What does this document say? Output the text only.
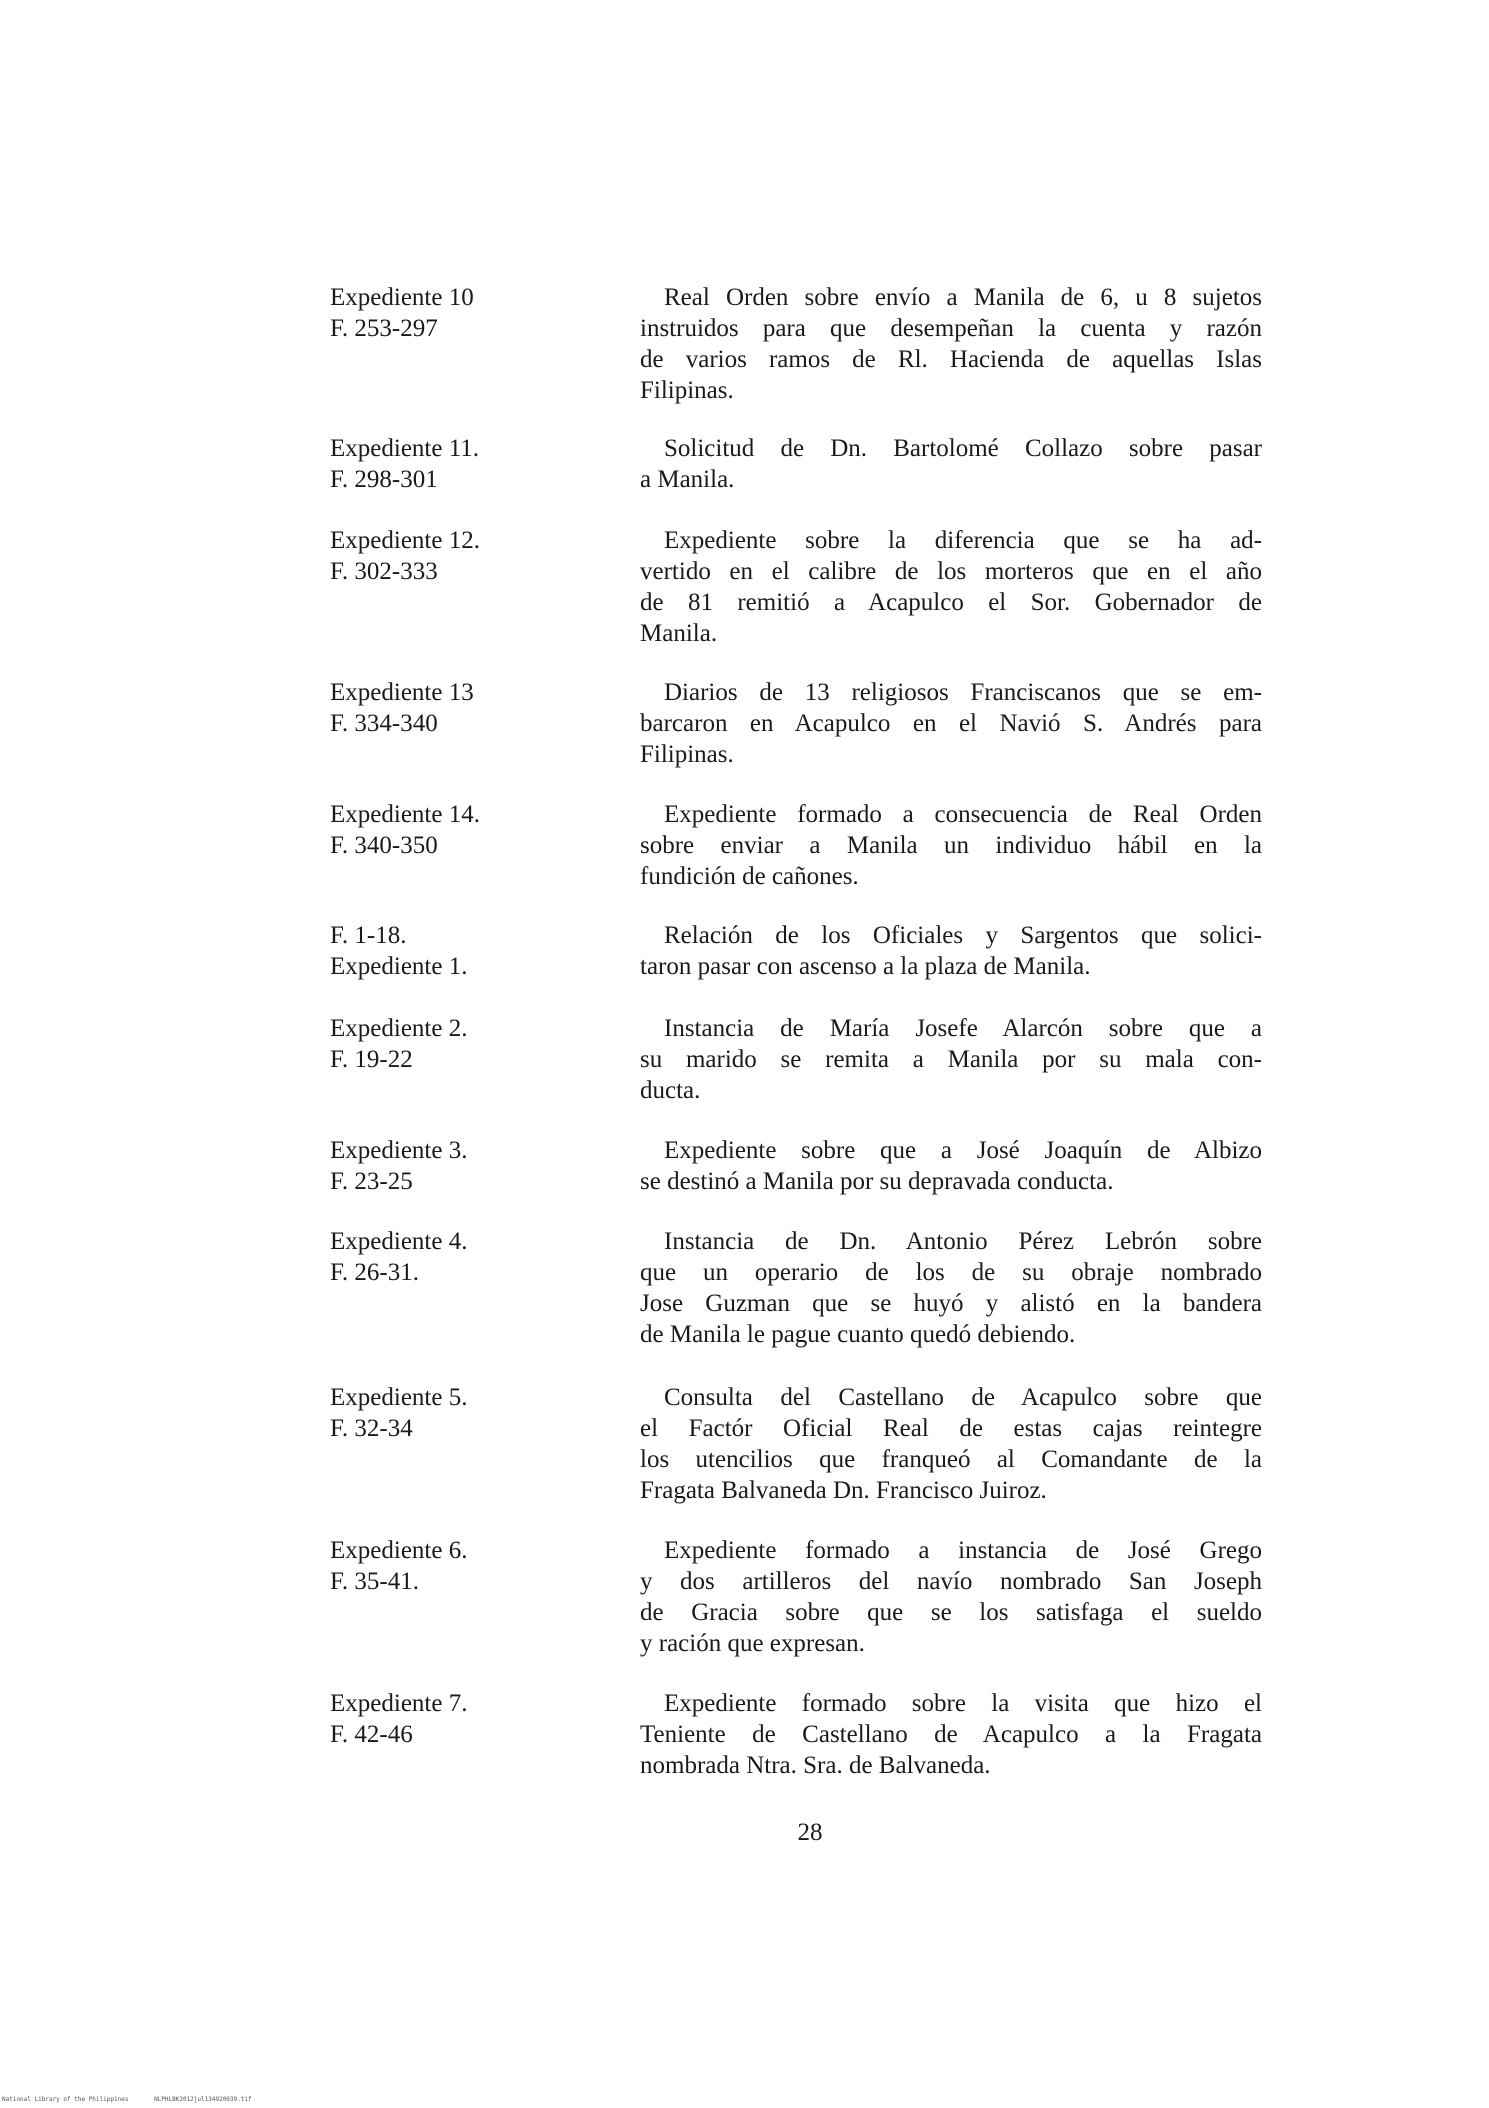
Expediente 10
F. 253-297
Real Orden sobre envío a Manila de 6, u 8 sujetos
instruidos para que desempeñan la cuenta y razón
de varios ramos de Rl. Hacienda de aquellas Islas
Filipinas.
Expediente 11.
F. 298-301
Solicitud de Dn. Bartolomé Collazo sobre pasar
a Manila.
Expediente 12.
F. 302-333
Expediente sobre la diferencia que se ha ad-
vertido en el calibre de los morteros que en el año
de 81 remitió a Acapulco el Sor. Gobernador de
Manila.
Expediente 13
F. 334-340
Diarios de 13 religiosos Franciscanos que se em-
barcaron en Acapulco en el Navió S. Andrés para
Filipinas.
Expediente 14.
F. 340-350
Expediente formado a consecuencia de Real Orden
sobre enviar a Manila un individuo hábil en la
fundición de cañones.
F. 1-18.
Expediente 1.
Relación de los Oficiales y Sargentos que solici-
taron pasar con ascenso a la plaza de Manila.
Expediente 2.
F. 19-22
Instancia de María Josefe Alarcón sobre que a
su marido se remita a Manila por su mala con-
ducta.
Expediente 3.
F. 23-25
Expediente sobre que a José Joaquín de Albizo
se destinó a Manila por su depravada conducta.
Expediente 4.
F. 26-31.
Instancia de Dn. Antonio Pérez Lebrón sobre
que un operario de los de su obraje nombrado
Jose Guzman que se huyó y alistó en la bandera
de Manila le pague cuanto quedó debiendo.
Expediente 5.
F. 32-34
Consulta del Castellano de Acapulco sobre que
el Factór Oficial Real de estas cajas reintegre
los utencilios que franqueó al Comandante de la
Fragata Balvaneda Dn. Francisco Juiroz.
Expediente 6.
F. 35-41.
Expediente formado a instancia de José Grego
y dos artilleros del navío nombrado San Joseph
de Gracia sobre que se los satisfaga el sueldo
y ración que expresan.
Expediente 7.
F. 42-46
Expediente formado sobre la visita que hizo el
Teniente de Castellano de Acapulco a la Fragata
nombrada Ntra. Sra. de Balvaneda.
28
National Library of the Philippines	NLPHLBK2012jul134920039.tif
